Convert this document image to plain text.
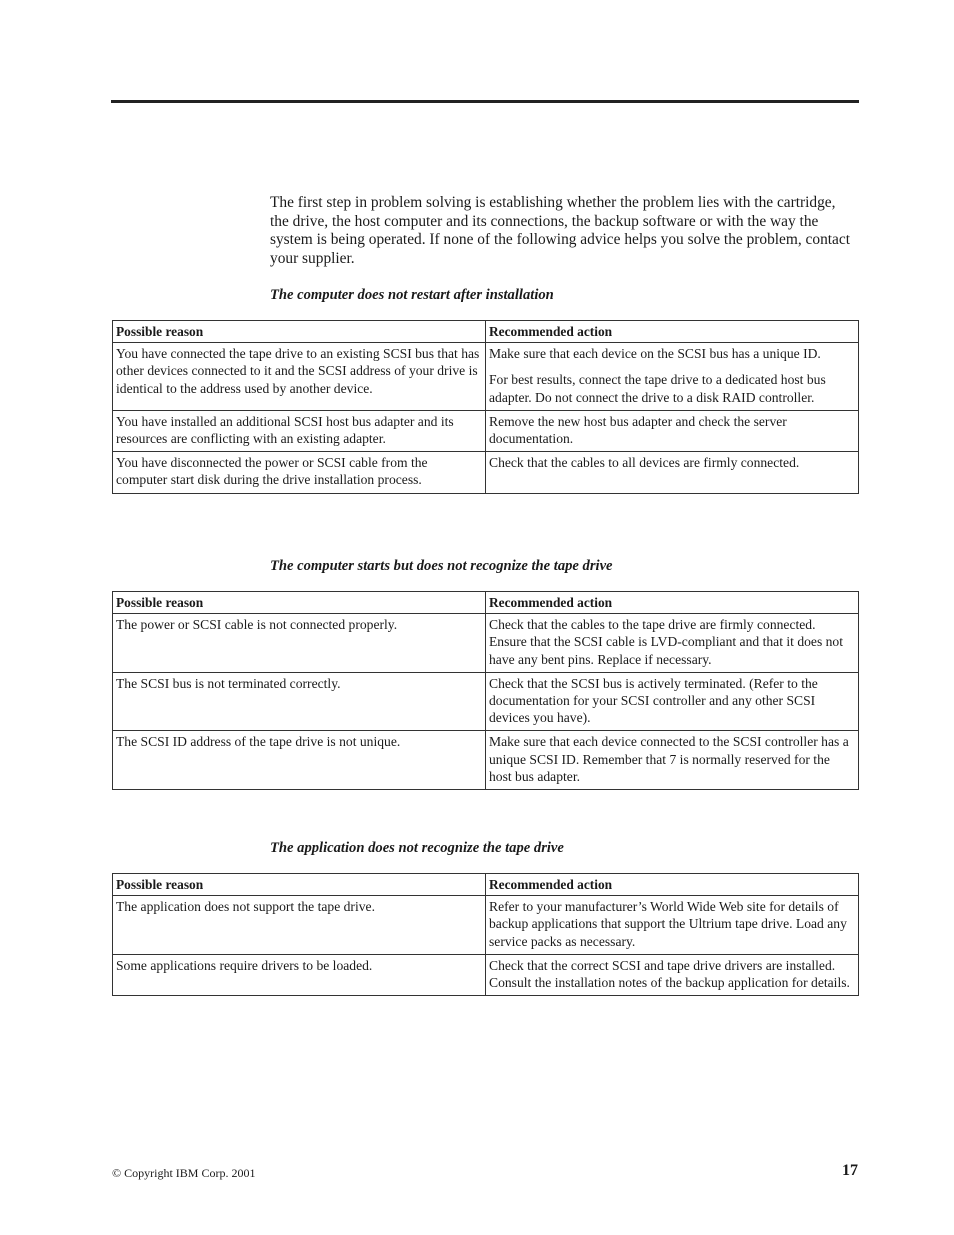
The first step in problem solving is establishing whether the problem lies with the cartridge, the drive, the host computer and its connections, the backup software or with the way the system is being operated. If none of the following advice helps you solve the problem, contact your supplier.

The computer does not restart after installation

Possible reason	Recommended action

You have connected the tape drive to an existing SCSI bus that has other devices connected to it and the SCSI address of your drive is identical to the address used by another device.	Make sure that each device on the SCSI bus has a unique ID.

For best results, connect the tape drive to a dedicated host bus adapter. Do not connect the drive to a disk RAID controller.

You have installed an additional SCSI host bus adapter and its resources are conflicting with an existing adapter.	Remove the new host bus adapter and check the server documentation.

You have disconnected the power or SCSI cable from the computer start disk during the drive installation process.	Check that the cables to all devices are firmly connected.

The computer starts but does not recognize the tape drive

Possible reason	Recommended action

The power or SCSI cable is not connected properly.	Check that the cables to the tape drive are firmly connected. Ensure that the SCSI cable is LVD-compliant and that it does not have any bent pins. Replace if necessary.

The SCSI bus is not terminated correctly.	Check that the SCSI bus is actively terminated. (Refer to the documentation for your SCSI controller and any other SCSI devices you have).

The SCSI ID address of the tape drive is not unique.	Make sure that each device connected to the SCSI controller has a unique SCSI ID. Remember that 7 is normally reserved for the host bus adapter.

The application does not recognize the tape drive

Possible reason	Recommended action

The application does not support the tape drive.	Refer to your manufacturer’s World Wide Web site for details of backup applications that support the Ultrium tape drive. Load any service packs as necessary.

Some applications require drivers to be loaded.	Check that the correct SCSI and tape drive drivers are installed. Consult the installation notes of the backup application for details.

© Copyright IBM Corp. 2001	17
